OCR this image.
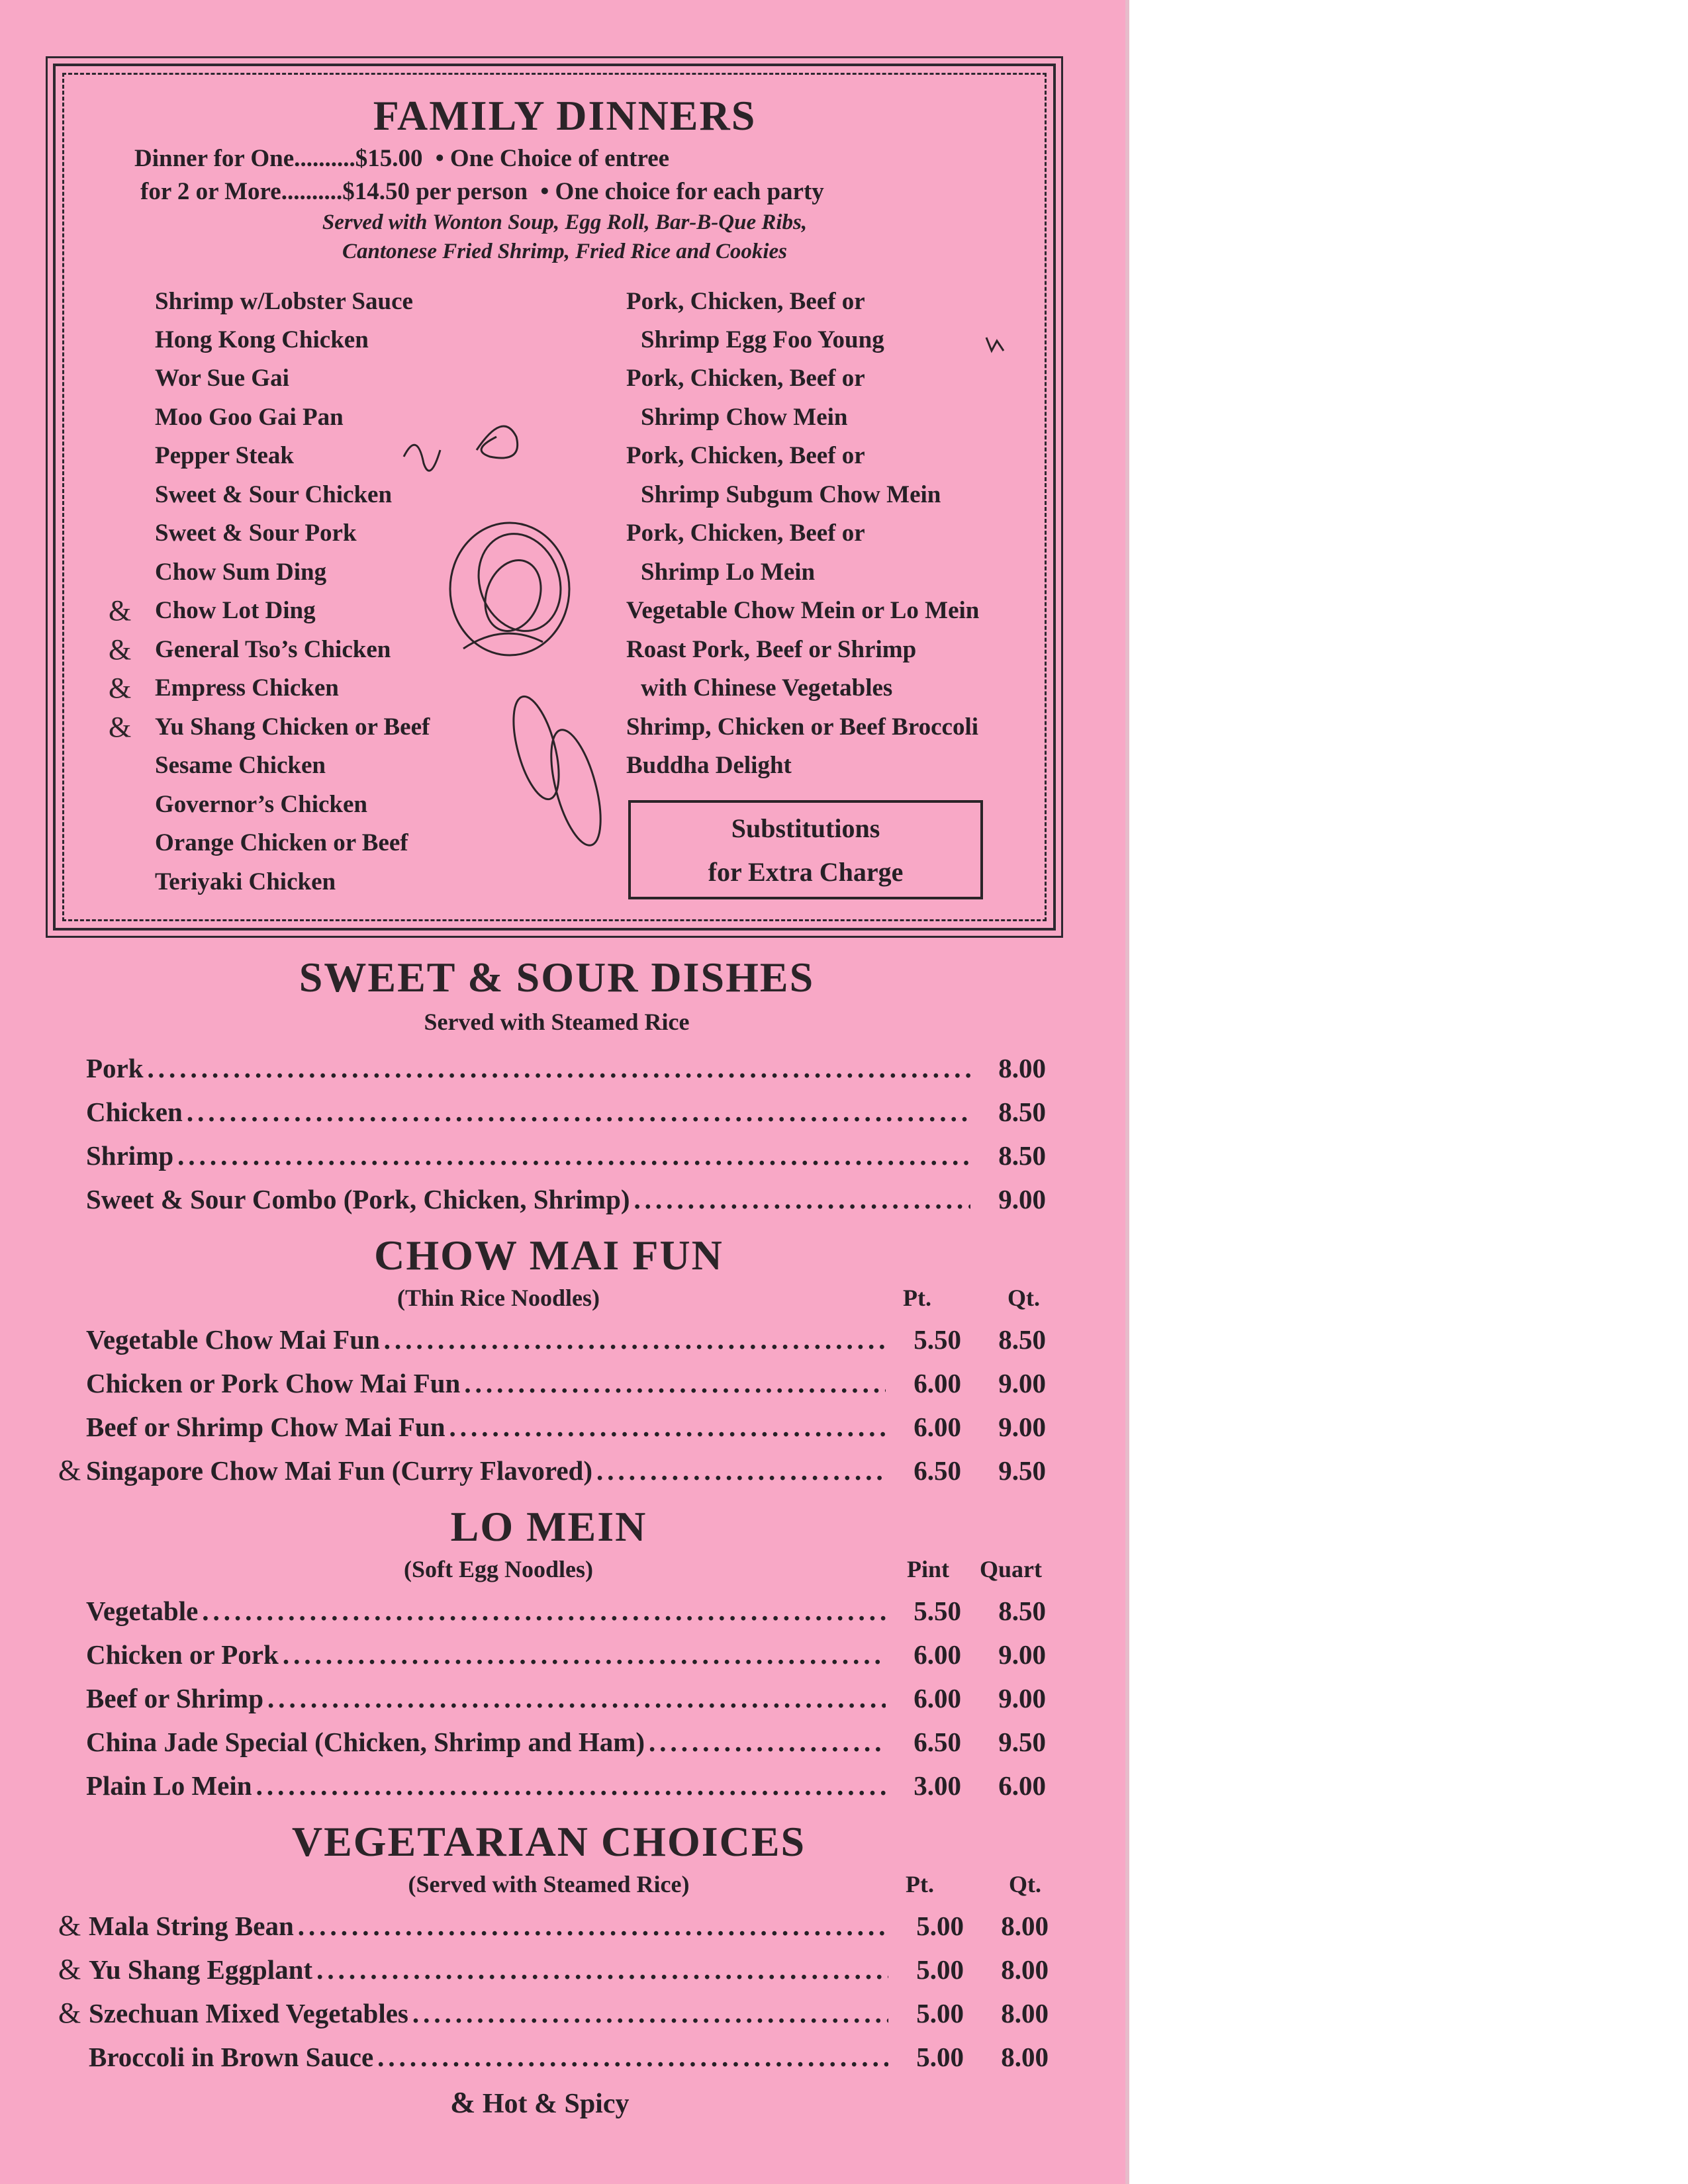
FAMILY DINNERS
Dinner for One..........$15.00 • One Choice of entree
for 2 or More..........$14.50 per person • One choice for each party
Served with Wonton Soup, Egg Roll, Bar-B-Que Ribs,
Cantonese Fried Shrimp, Fried Rice and Cookies
Shrimp w/Lobster Sauce
Hong Kong Chicken
Wor Sue Gai
Moo Goo Gai Pan
Pepper Steak
Sweet & Sour Chicken
Sweet & Sour Pork
Chow Sum Ding
Chow Lot Ding
General Tso’s Chicken
Empress Chicken
Yu Shang Chicken or Beef
Sesame Chicken
Governor’s Chicken
Orange Chicken or Beef
Teriyaki Chicken
&
&
&
&
Pork, Chicken, Beef or
Shrimp Egg Foo Young
Pork, Chicken, Beef or
Shrimp Chow Mein
Pork, Chicken, Beef or
Shrimp Subgum Chow Mein
Pork, Chicken, Beef or
Shrimp Lo Mein
Vegetable Chow Mein or Lo Mein
Roast Pork, Beef or Shrimp
with Chinese Vegetables
Shrimp, Chicken or Beef Broccoli
Buddha Delight
Substitutions
for Extra Charge
SWEET & SOUR DISHES
Served with Steamed Rice
Pork .....	8.00
Chicken .....	8.50
Shrimp .....	8.50
Sweet & Sour Combo (Pork, Chicken, Shrimp) .....	9.00
CHOW MAI FUN
(Thin Rice Noodles)	Pt.	Qt.
Vegetable Chow Mai Fun .....	5.50	8.50
Chicken or Pork Chow Mai Fun .....	6.00	9.00
Beef or Shrimp Chow Mai Fun .....	6.00	9.00
Singapore Chow Mai Fun (Curry Flavored) .....	6.50	9.50
&
LO MEIN
(Soft Egg Noodles)	Pint Quart
Vegetable .....	5.50	8.50
Chicken or Pork .....	6.00	9.00
Beef or Shrimp .....	6.00	9.00
China Jade Special (Chicken, Shrimp and Ham) .....	6.50	9.50
Plain Lo Mein .....	3.00	6.00
VEGETARIAN CHOICES
(Served with Steamed Rice)	Pt.	Qt.
Mala String Bean .....	5.00	8.00
Yu Shang Eggplant .....	5.00	8.00
Szechuan Mixed Vegetables .....	5.00	8.00
Broccoli in Brown Sauce .....	5.00	8.00
&
&
&
& Hot & Spicy
